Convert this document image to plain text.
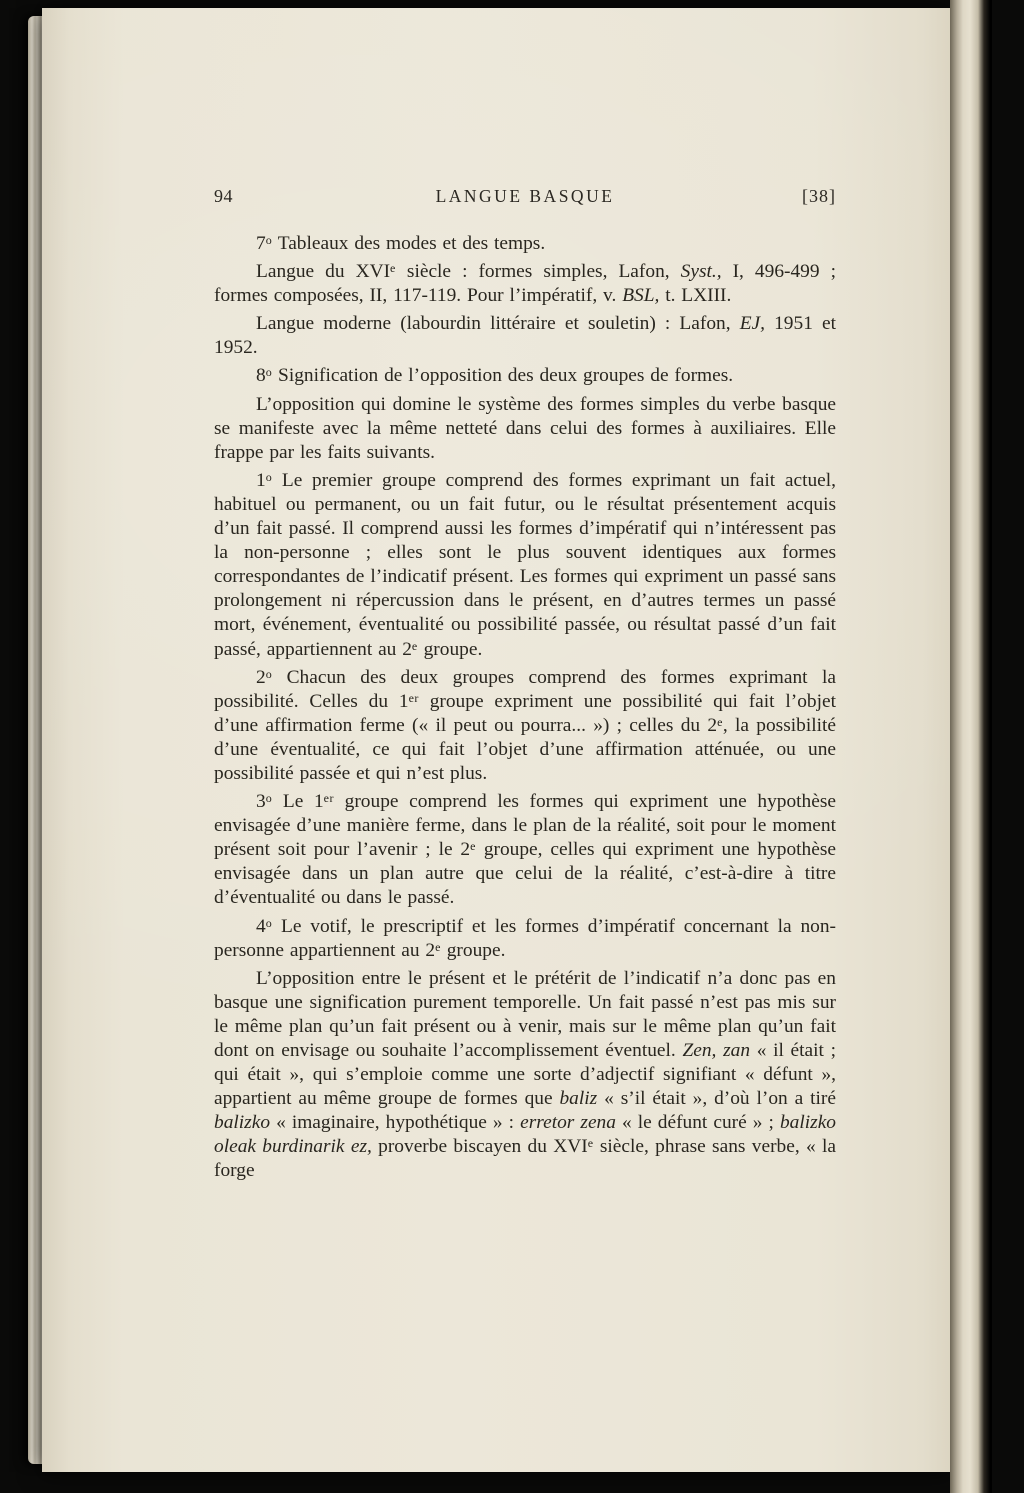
94	LANGUE BASQUE	[38]

7$^o$ Tableaux des modes et des temps.

Langue du XVIe siècle : formes simples, Lafon, Syst., I, 496-499 ; formes composées, II, 117-119. Pour l’impératif, v. BSL, t. LXIII.

Langue moderne (labourdin littéraire et souletin) : Lafon, EJ, 1951 et 1952.

8$^o$ Signification de l’opposition des deux groupes de formes.

L’opposition qui domine le système des formes simples du verbe basque se manifeste avec la même netteté dans celui des formes à auxiliaires. Elle frappe par les faits suivants.

1$^o$ Le premier groupe comprend des formes exprimant un fait actuel, habituel ou permanent, ou un fait futur, ou le résultat présentement acquis d’un fait passé. Il comprend aussi les formes d’impératif qui n’intéressent pas la non-personne ; elles sont le plus souvent identiques aux formes correspondantes de l’indicatif présent. Les formes qui expriment un passé sans prolongement ni répercussion dans le présent, en d’autres termes un passé mort, événement, éventualité ou possibilité passée, ou résultat passé d’un fait passé, appartiennent au 2e groupe.

2$^o$ Chacun des deux groupes comprend des formes exprimant la possibilité. Celles du 1er groupe expriment une possibilité qui fait l’objet d’une affirmation ferme (« il peut ou pourra... ») ; celles du 2e, la possibilité d’une éventualité, ce qui fait l’objet d’une affirmation atténuée, ou une possibilité passée et qui n’est plus.

3$^o$ Le 1er groupe comprend les formes qui expriment une hypothèse envisagée d’une manière ferme, dans le plan de la réalité, soit pour le moment présent soit pour l’avenir ; le 2e groupe, celles qui expriment une hypothèse envisagée dans un plan autre que celui de la réalité, c’est-à-dire à titre d’éventualité ou dans le passé.

4$^o$ Le votif, le prescriptif et les formes d’impératif concernant la non-personne appartiennent au 2e groupe.

L’opposition entre le présent et le prétérit de l’indicatif n’a donc pas en basque une signification purement temporelle. Un fait passé n’est pas mis sur le même plan qu’un fait présent ou à venir, mais sur le même plan qu’un fait dont on envisage ou souhaite l’accomplissement éventuel. Zen, zan « il était ; qui était », qui s’emploie comme une sorte d’adjectif signifiant « défunt », appartient au même groupe de formes que baliz « s’il était », d’où l’on a tiré balizko « imaginaire, hypothétique » : erretor zena « le défunt curé » ; balizko oleak burdinarik ez, proverbe biscayen du XVIe siècle, phrase sans verbe, « la forge
